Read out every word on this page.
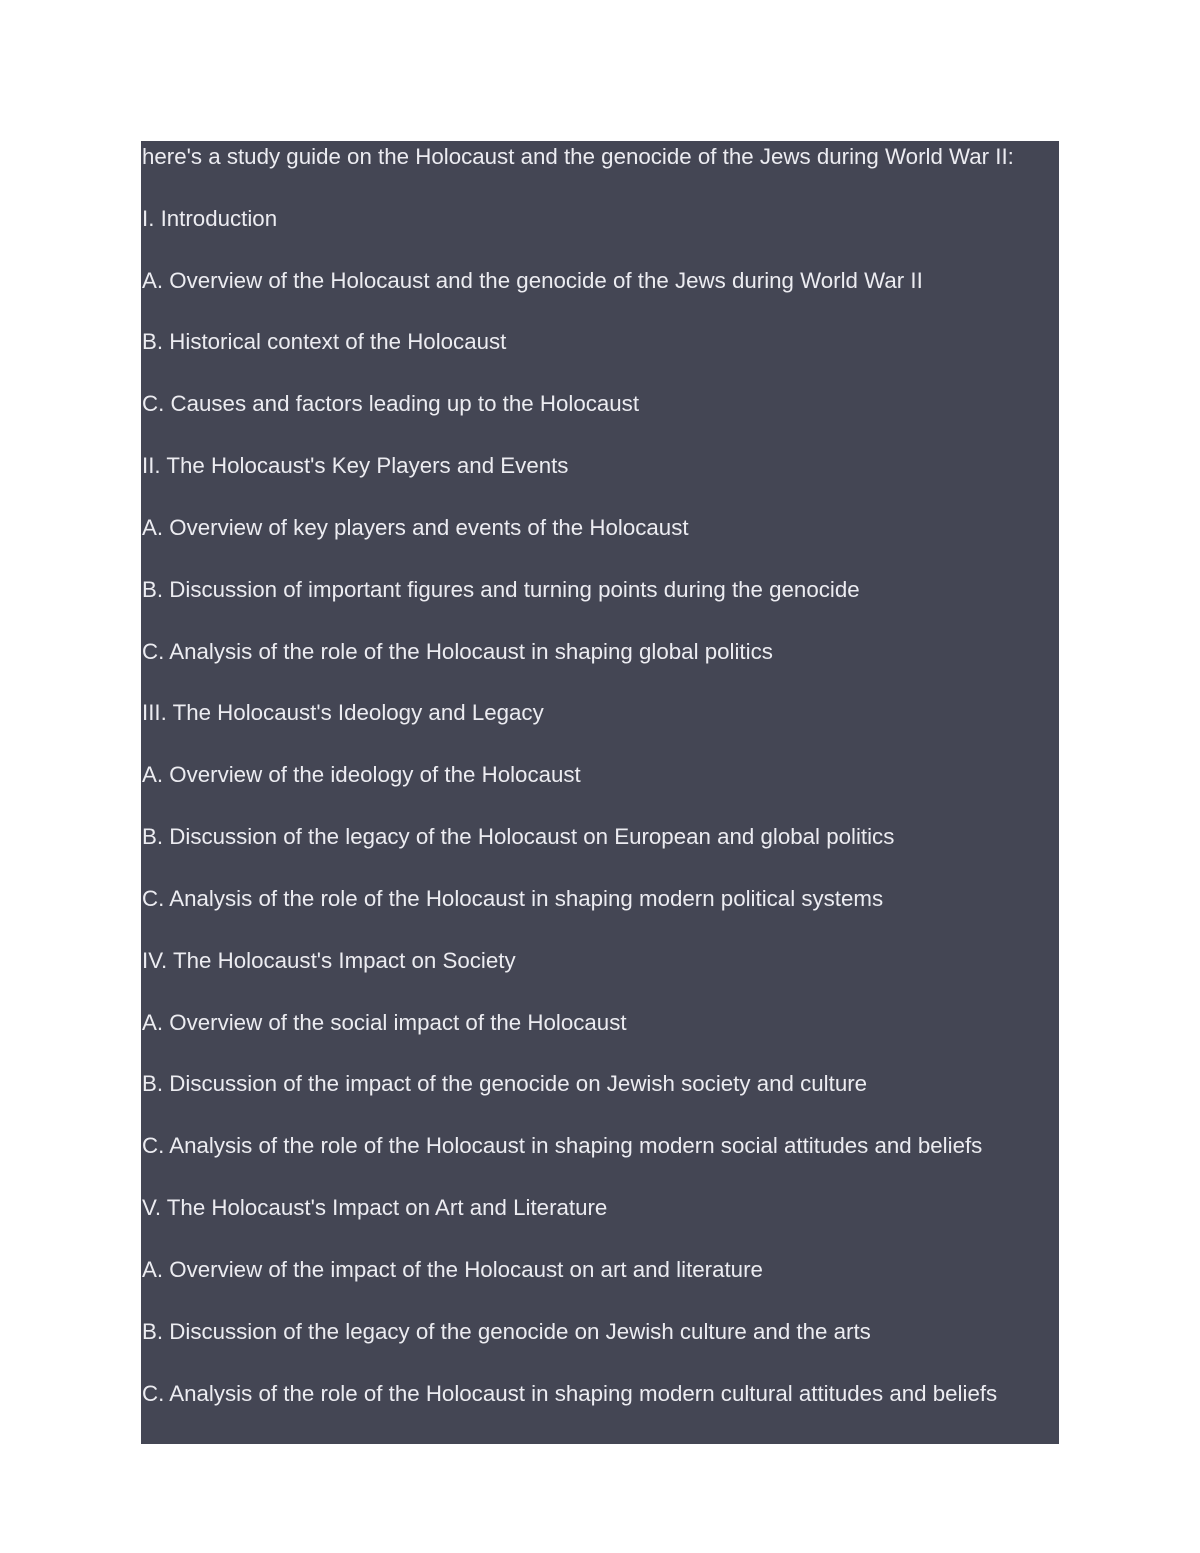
here's a study guide on the Holocaust and the genocide of the Jews during World War II:
I. Introduction
A. Overview of the Holocaust and the genocide of the Jews during World War II
B. Historical context of the Holocaust
C. Causes and factors leading up to the Holocaust
II. The Holocaust's Key Players and Events
A. Overview of key players and events of the Holocaust
B. Discussion of important figures and turning points during the genocide
C. Analysis of the role of the Holocaust in shaping global politics
III. The Holocaust's Ideology and Legacy
A. Overview of the ideology of the Holocaust
B. Discussion of the legacy of the Holocaust on European and global politics
C. Analysis of the role of the Holocaust in shaping modern political systems
IV. The Holocaust's Impact on Society
A. Overview of the social impact of the Holocaust
B. Discussion of the impact of the genocide on Jewish society and culture
C. Analysis of the role of the Holocaust in shaping modern social attitudes and beliefs
V. The Holocaust's Impact on Art and Literature
A. Overview of the impact of the Holocaust on art and literature
B. Discussion of the legacy of the genocide on Jewish culture and the arts
C. Analysis of the role of the Holocaust in shaping modern cultural attitudes and beliefs
